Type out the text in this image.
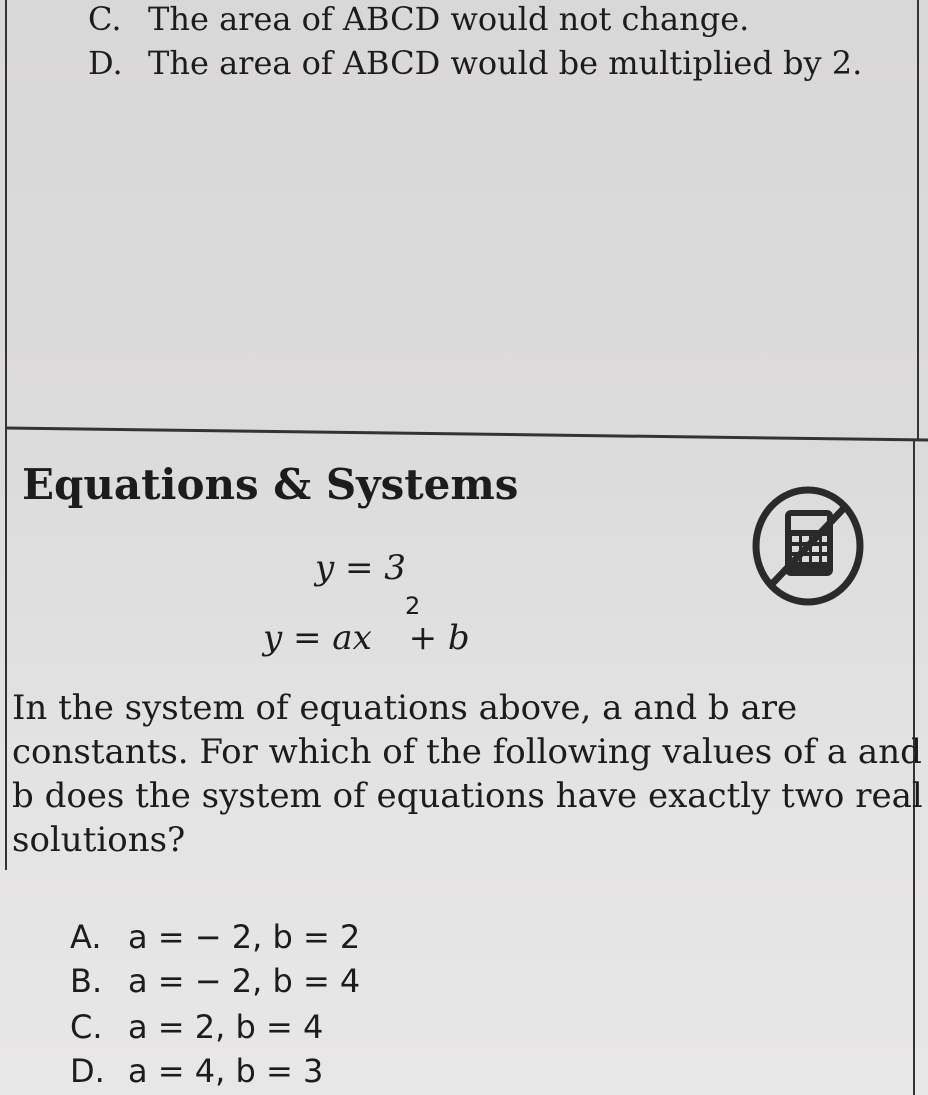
C. The area of ABCD would not change.
D. The area of ABCD would be multiplied by 2.
Equations & Systems
y = 3
y = ax + b
2
In the system of equations above, a and b are
constants. For which of the following values of a and
b does the system of equations have exactly two real
solutions?
A. a = − 2, b = 2
B. a = − 2, b = 4
C. a = 2, b = 4
D. a = 4, b = 3
